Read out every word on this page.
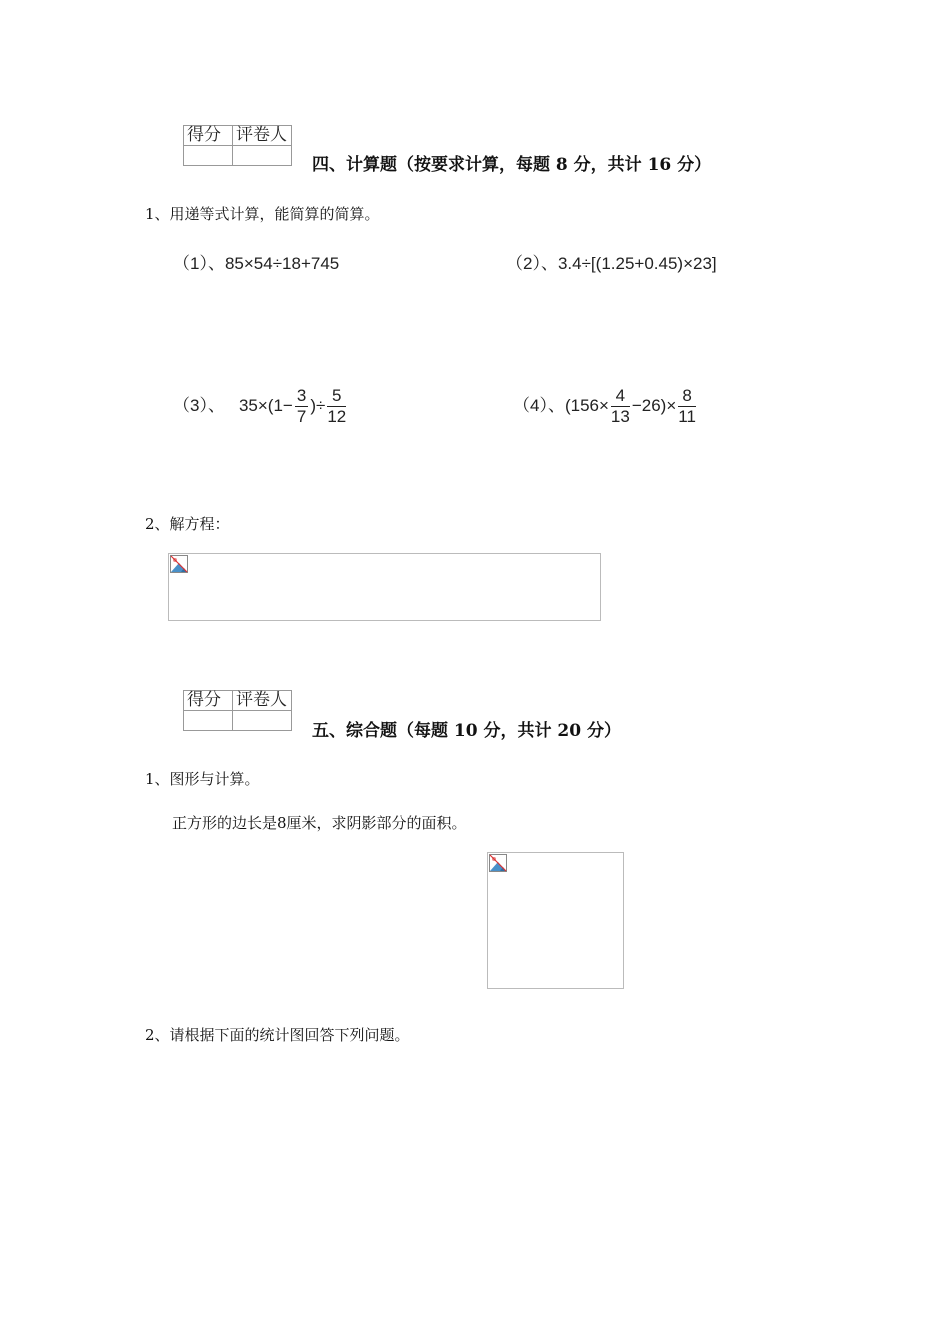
得分	评卷人

四、计算题（按要求计算，每题 8 分，共计 16 分）
1、用递等式计算，能简算的简算。
（1）、85×54÷18+745	（2）、3.4÷[(1.25+0.45)×23]
（3）、 $35\times(1- \frac{3}{7}$ )÷ $\frac{5}{12}$	（4）、$(156\times \frac{4}{13} -26)\times \frac{8}{11}$
2、解方程：
得分	评卷人

五、综合题（每题 10 分，共计 20 分）
1、图形与计算。
正方形的边长是8厘米，求阴影部分的面积。
2、请根据下面的统计图回答下列问题。
